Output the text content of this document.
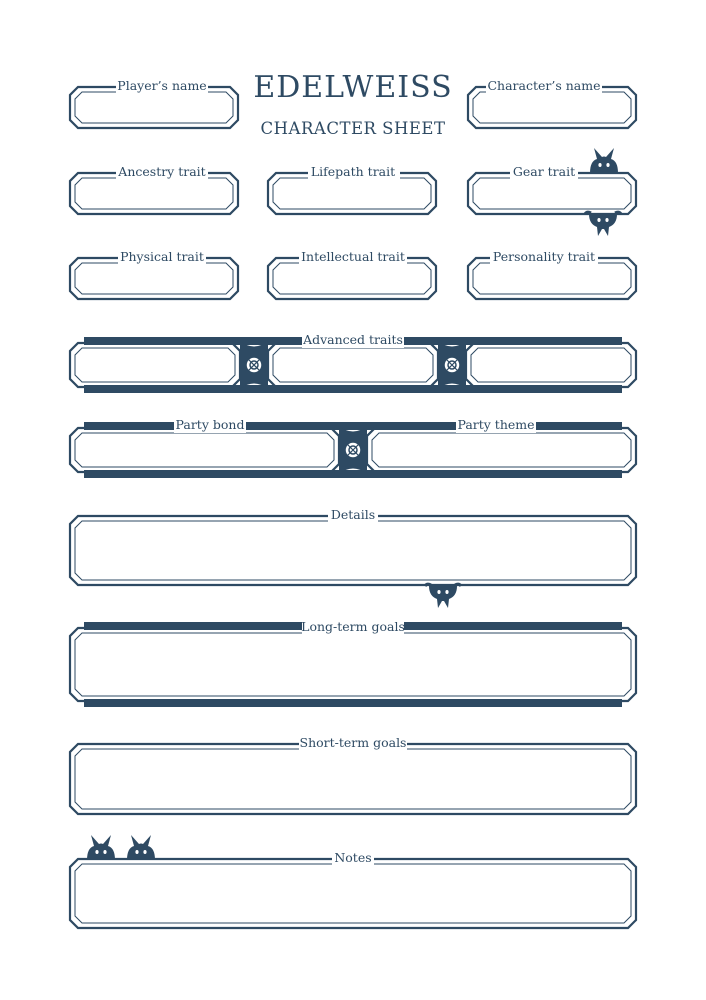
EDELWEISS
CHARACTER SHEET
Player’s name	Character’s name
Ancestry trait	Lifepath trait	Gear trait
Physical trait	Intellectual trait	Personality trait
Advanced traits
Party bond	Party theme
Details
Long-term goals
Short-term goals
Notes
